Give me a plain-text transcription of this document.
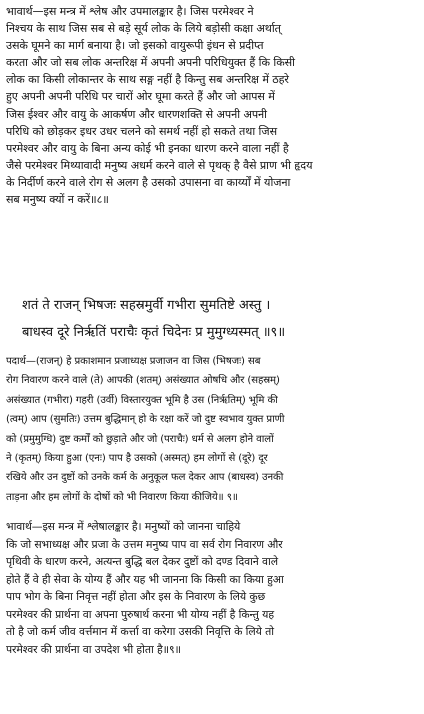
भावार्थ—इस मन्त्र में श्लेष और उपमालङ्कार है। जिस परमेश्वर ने
निश्चय के साथ जिस सब से बड़े सूर्य लोक के लिये बड़ोसी कक्षा अर्थात्
उसके घूमने का मार्ग बनाया है। जो इसको वायुरूपी इंधन से प्रदीप्त
करता और जो सब लोक अन्तरिक्ष में अपनी अपनी परिधियुक्त हैं कि किसी
लोक का किसी लोकान्तर के साथ सङ्ग नहीं है किन्तु सब अन्तरिक्ष में ठहरे
हुए अपनी अपनी परिधि पर चारों ओर घूमा करते हैं और जो आपस में
जिस ईश्वर और वायु के आकर्षण और धारणशक्ति से अपनी अपनी
परिधि को छोड़कर इधर उधर चलने को समर्थ नहीं हो सकते तथा जिस
परमेश्वर और वायु के बिना अन्य कोई भी इनका धारण करने वाला नहीं है
जैसे परमेश्वर मिथ्यावादी मनुष्य अधर्म करने वाले से पृथक् है वैसे प्राण भी हृदय
के निर्दीर्ण करने वाले रोग से अलग है उसको उपासना वा कार्य्यों में योजना
सब मनुष्य क्यों न करें॥८॥
शतं ते राजन् भिषजः सहस्रमुर्वी गभीरा सुमतिष्टे अस्तु ।
बाधस्व दूरे निर्ऋतिं पराचैः कृतं चिदेनः प्र मुमुग्ध्यस्मत् ॥९॥
पदार्थ—(राजन्) हे प्रकाशमान प्रजाध्यक्ष प्रजाजन वा जिस (भिषजः) सब
रोग निवारण करने वाले (ते) आपकी (शतम्) असंख्यात ओषधि और (सहस्रम्)
असंख्यात (गभीरा) गहरी (उर्वी) विस्तारयुक्त भूमि है उस (निर्ऋतिम्) भूमि की
(त्वम्) आप (सुमतिः) उत्तम बुद्धिमान् हो के रक्षा करें जो दुष्ट स्वभाव युक्त प्राणी
को (प्रमुमुग्धि) दुष्ट कर्मों को छुड़ाते और जो (पराचैः) धर्म से अलग होने वालों
ने (कृतम्) किया हुआ (एनः) पाप है उसको (अस्मत्) हम लोगों से (दूरे) दूर
रखिये और उन दुष्टों को उनके कर्म के अनुकूल फल देकर आप (बाधस्व) उनकी
ताड़ना और हम लोगों के दोषों को भी निवारण किया कीजिये॥ ९॥
भावार्थ—इस मन्त्र में श्लेषालङ्कार है। मनुष्यों को जानना चाहिये
कि जो सभाध्यक्ष और प्रजा के उत्तम मनुष्य पाप वा सर्व रोग निवारण और
पृथिवी के धारण करने, अत्यन्त बुद्धि बल देकर दुष्टों को दण्ड दिवाने वाले
होते हैं वे ही सेवा के योग्य हैं और यह भी जानना कि किसी का किया हुआ
पाप भोग के बिना निवृत्त नहीं होता और इस के निवारण के लिये कुछ
परमेश्वर की प्रार्थना वा अपना पुरुषार्थ करना भी योग्य नहीं है किन्तु यह
तो है जो कर्म जीव वर्त्तमान में कर्त्ता वा करेगा उसकी निवृत्ति के लिये तो
परमेश्वर की प्रार्थना वा उपदेश भी होता है॥९॥
